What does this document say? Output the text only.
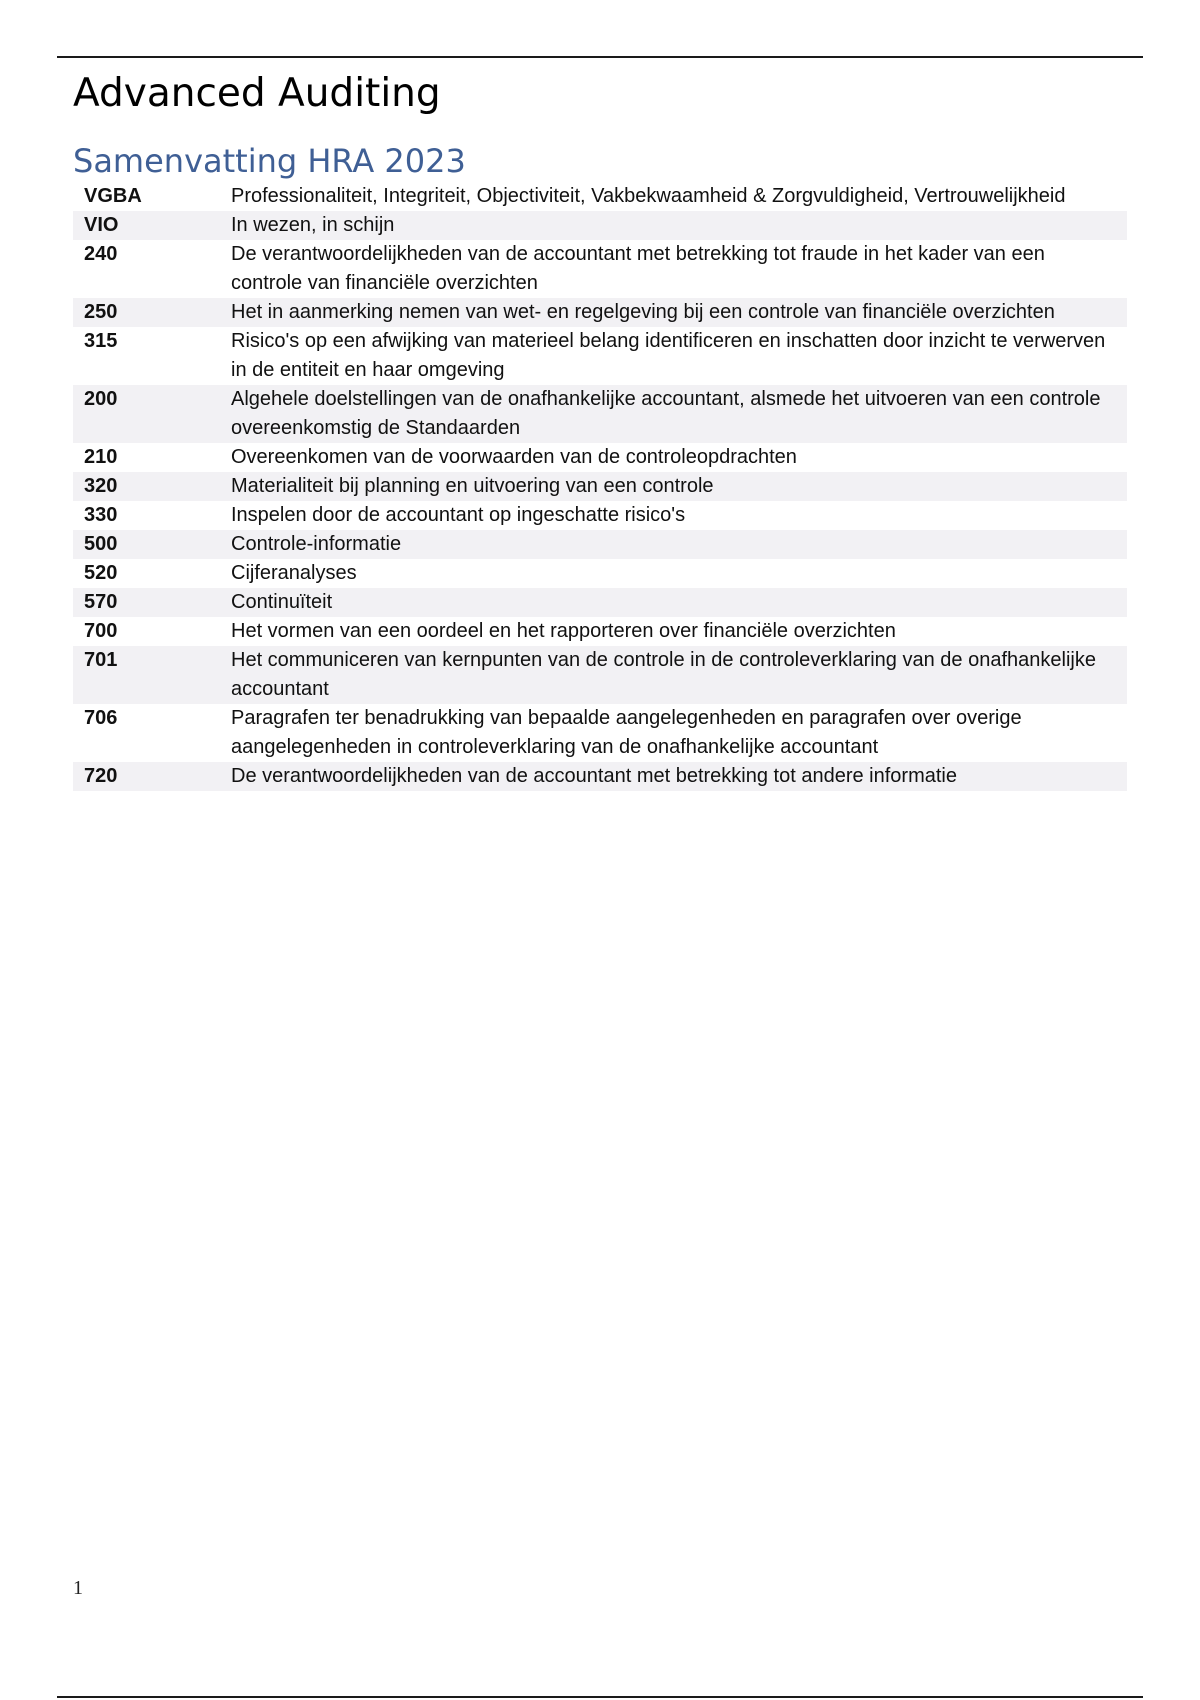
Advanced Auditing
Samenvatting HRA 2023
VGBA	Professionaliteit, Integriteit, Objectiviteit, Vakbekwaamheid & Zorgvuldigheid, Vertrouwelijkheid
VIO	In wezen, in schijn
240	De verantwoordelijkheden van de accountant met betrekking tot fraude in het kader van een controle van financiële overzichten
250	Het in aanmerking nemen van wet- en regelgeving bij een controle van financiële overzichten
315	Risico's op een afwijking van materieel belang identificeren en inschatten door inzicht te verwerven in de entiteit en haar omgeving
200	Algehele doelstellingen van de onafhankelijke accountant, alsmede het uitvoeren van een controle overeenkomstig de Standaarden
210	Overeenkomen van de voorwaarden van de controleopdrachten
320	Materialiteit bij planning en uitvoering van een controle
330	Inspelen door de accountant op ingeschatte risico's
500	Controle-informatie
520	Cijferanalyses
570	Continuïteit
700	Het vormen van een oordeel en het rapporteren over financiële overzichten
701	Het communiceren van kernpunten van de controle in de controleverklaring van de onafhankelijke accountant
706	Paragrafen ter benadrukking van bepaalde aangelegenheden en paragrafen over overige aangelegenheden in controleverklaring van de onafhankelijke accountant
720	De verantwoordelijkheden van de accountant met betrekking tot andere informatie
1
